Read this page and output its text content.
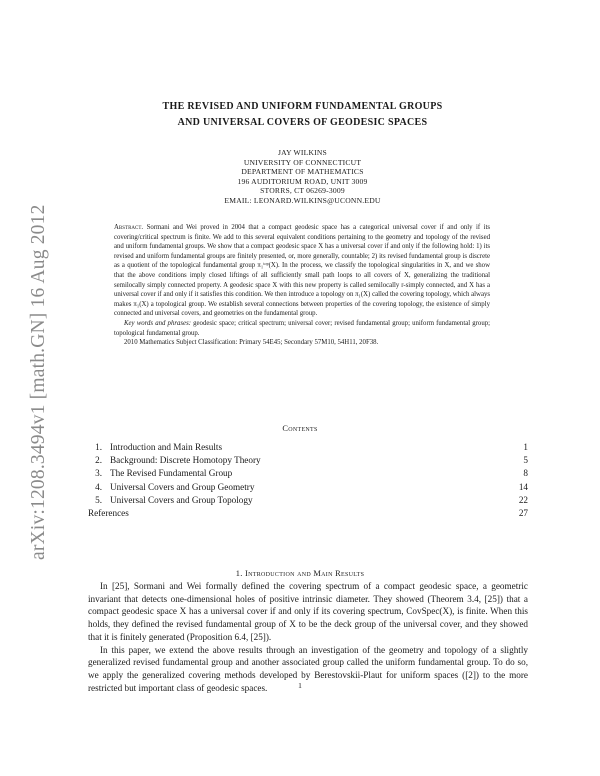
arXiv:1208.3494v1 [math.GN] 16 Aug 2012
THE REVISED AND UNIFORM FUNDAMENTAL GROUPS
AND UNIVERSAL COVERS OF GEODESIC SPACES
JAY WILKINS
UNIVERSITY OF CONNECTICUT
DEPARTMENT OF MATHEMATICS
196 AUDITORIUM ROAD, UNIT 3009
STORRS, CT 06269-3009
EMAIL: LEONARD.WILKINS@UCONN.EDU

Abstract. Sormani and Wei proved in 2004 that a compact geodesic space has a categorical universal cover if and only if its covering/critical spectrum is finite. We add to this several equivalent conditions pertaining to the geometry and topology of the revised and uniform fundamental groups. We show that a compact geodesic space X has a universal cover if and only if the following hold: 1) its revised and uniform fundamental groups are finitely presented, or, more generally, countable; 2) its revised fundamental group is discrete as a quotient of the topological fundamental group π₁ᵗᵒᵖ(X). In the process, we classify the topological singularities in X, and we show that the above conditions imply closed liftings of all sufficiently small path loops to all covers of X, generalizing the traditional semilocally simply connected property. A geodesic space X with this new property is called semilocally r-simply connected, and X has a universal cover if and only if it satisfies this condition. We then introduce a topology on π₁(X) called the covering topology, which always makes π₁(X) a topological group. We establish several connections between properties of the covering topology, the existence of simply connected and universal covers, and geometries on the fundamental group.

Key words and phrases: geodesic space; critical spectrum; universal cover; revised fundamental group; uniform fundamental group; topological fundamental group.

2010 Mathematics Subject Classification: Primary 54E45; Secondary 57M10, 54H11, 20F38.

Contents
1. Introduction and Main Results	1
2. Background: Discrete Homotopy Theory	5
3. The Revised Fundamental Group	8
4. Universal Covers and Group Geometry	14
5. Universal Covers and Group Topology	22
References	27
1. Introduction and Main Results

In [25], Sormani and Wei formally defined the covering spectrum of a compact geodesic space, a geometric invariant that detects one-dimensional holes of positive intrinsic diameter. They showed (Theorem 3.4, [25]) that a compact geodesic space X has a universal cover if and only if its covering spectrum, CovSpec(X), is finite. When this holds, they defined the revised fundamental group of X to be the deck group of the universal cover, and they showed that it is finitely generated (Proposition 6.4, [25]).

In this paper, we extend the above results through an investigation of the geometry and topology of a slightly generalized revised fundamental group and another associated group called the uniform fundamental group. To do so, we apply the generalized covering methods developed by Berestovskii-Plaut for uniform spaces ([2]) to the more restricted but important class of geodesic spaces.	1
